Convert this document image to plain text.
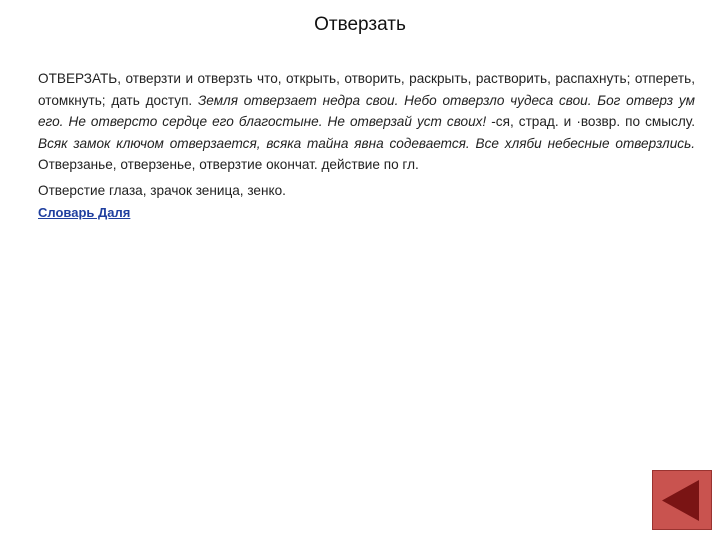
Отверзать

ОТВЕРЗАТЬ, отверзти и отверзть что, открыть, отворить, раскрыть, растворить, распахнуть; отпереть, отомкнуть; дать доступ. Земля отверзает недра свои. Небо отверзло чудеса свои. Бог отверз ум его. Не отверсто сердце его благостыне. Не отверзай уст своих! -ся, страд. и ·возвр. по смыслу. Всяк замок ключом отверзается, всяка тайна явна содевается. Все хляби небесные отверзлись. Отверзанье, отверзенье, отверзтие окончат. действие по гл.

Отверстие глаза, зрачок зеница, зенко.

Словарь Даля
